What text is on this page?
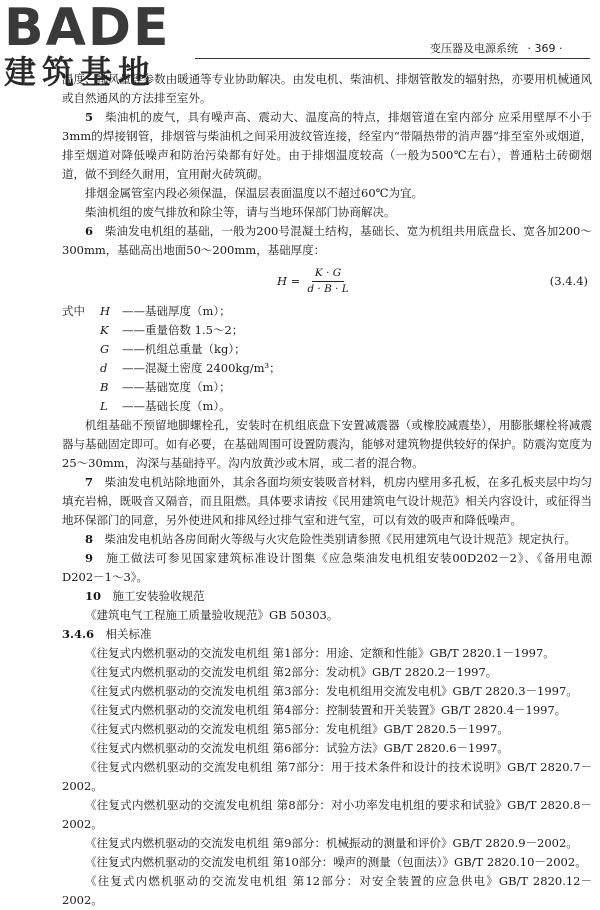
BADE
建筑基地
变压器及电源系统 · 369 ·

温度、排风量等参数由暖通等专业协助解决。由发电机、柴油机、排烟管散发的辐射热，亦要用机械通风或自然通风的方法排至室外。

5　 柴油机的废气，具有噪声高、震动大、温度高的特点，排烟管道在室内部分 应采用壁厚不小于3mm的焊接钢管，排烟管与柴油机之间采用波纹管连接，经室内“带隔热带的消声器”排至室外或烟道，排至烟道对降低噪声和防治污染都有好处。由于排烟温度较高（一般为500℃左右），普通粘土砖砌烟道，做不到经久耐用，宜用耐火砖筑砌。

排烟金属管室内段必须保温，保温层表面温度以不超过60℃为宜。

柴油机组的废气排放和除尘等，请与当地环保部门协商解决。

6　 柴油发电机组的基础，一般为200号混凝土结构，基础长、宽为机组共用底盘长、宽各加200～300mm，基础高出地面50～200mm，基础厚度：

$H = \frac{K \cdot G}{d \cdot B \cdot L}$	(3.4.4)
式中	H	——基础厚度（m）；
K	——重量倍数 1.5～2；
G	——机组总重量（kg）；
d	——混凝土密度 2400kg/m³；
B	——基础宽度（m）；
L	——基础长度（m）。

机组基础不预留地脚螺栓孔，安装时在机组底盘下安置减震器（或橡胶减震垫），用膨胀螺栓将减震器与基础固定即可。如有必要，在基础周围可设置防震沟，能够对建筑物提供较好的保护。防震沟宽度为25～30mm，沟深与基础持平。沟内放黄沙或木屑，或二者的混合物。

7　 柴油发电机站除地面外，其余各面均须安装吸音材料，机房内壁用多孔板，在多孔板夹层中均匀填充岩棉，既吸音又隔音，而且阻燃。具体要求请按《民用建筑电气设计规范》相关内容设计，或征得当地环保部门的同意，另外使进风和排风经过排气室和进气室，可以有效的吸声和降低噪声。

8　 柴油发电机站各房间耐火等级与火灾危险性类别请参照《民用建筑电气设计规范》规定执行。

9　 施工做法可参见国家建筑标准设计图集《应急柴油发电机组安装00D202－2》、《备用电源 D202－1～3》。

10　 施工安装验收规范

《建筑电气工程施工质量验收规范》GB 50303。

3.4.6　 相关标准

《往复式内燃机驱动的交流发电机组 第1部分：用途、定额和性能》GB/T 2820.1－1997。

《往复式内燃机驱动的交流发电机组 第2部分：发动机》GB/T 2820.2－1997。

《往复式内燃机驱动的交流发电机组 第3部分：发电机组用交流发电机》GB/T 2820.3－1997。

《往复式内燃机驱动的交流发电机组 第4部分：控制装置和开关装置》GB/T 2820.4－1997。

《往复式内燃机驱动的交流发电机组 第5部分：发电机组》GB/T 2820.5－1997。

《往复式内燃机驱动的交流发电机组 第6部分：试验方法》GB/T 2820.6－1997。

《往复式内燃机驱动的交流发电机组 第7部分：用于技术条件和设计的技术说明》GB/T 2820.7－2002。

《往复式内燃机驱动的交流发电机组 第8部分：对小功率发电机组的要求和试验》GB/T 2820.8－2002。

《往复式内燃机驱动的交流发电机组 第9部分：机械振动的测量和评价》GB/T 2820.9－2002。

《往复式内燃机驱动的交流发电机组 第10部分：噪声的测量（包面法）》GB/T 2820.10－2002。

《往复式内燃机驱动的交流发电机组 第12部分：对安全装置的应急供电》GB/T 2820.12－2002。
